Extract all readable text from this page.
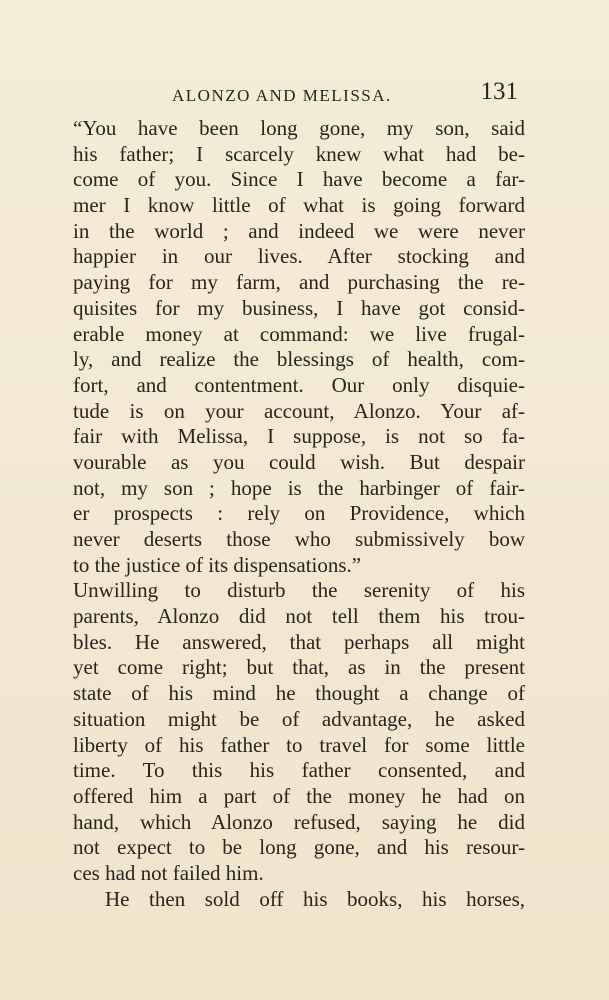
ALONZO AND MELISSA.	131
“You have been long gone, my son, said
his father; I scarcely knew what had be-
come of you. Since I have become a far-
mer I know little of what is going forward
in the world ; and indeed we were never
happier in our lives. After stocking and
paying for my farm, and purchasing the re-
quisites for my business, I have got consid-
erable money at command: we live frugal-
ly, and realize the blessings of health, com-
fort, and contentment. Our only disquie-
tude is on your account, Alonzo. Your af-
fair with Melissa, I suppose, is not so fa-
vourable as you could wish. But despair
not, my son ; hope is the harbinger of fair-
er prospects : rely on Providence, which
never deserts those who submissively bow
to the justice of its dispensations.”
Unwilling to disturb the serenity of his
parents, Alonzo did not tell them his trou-
bles. He answered, that perhaps all might
yet come right; but that, as in the present
state of his mind he thought a change of
situation might be of advantage, he asked
liberty of his father to travel for some little
time. To this his father consented, and
offered him a part of the money he had on
hand, which Alonzo refused, saying he did
not expect to be long gone, and his resour-
ces had not failed him.
He then sold off his books, his horses,
